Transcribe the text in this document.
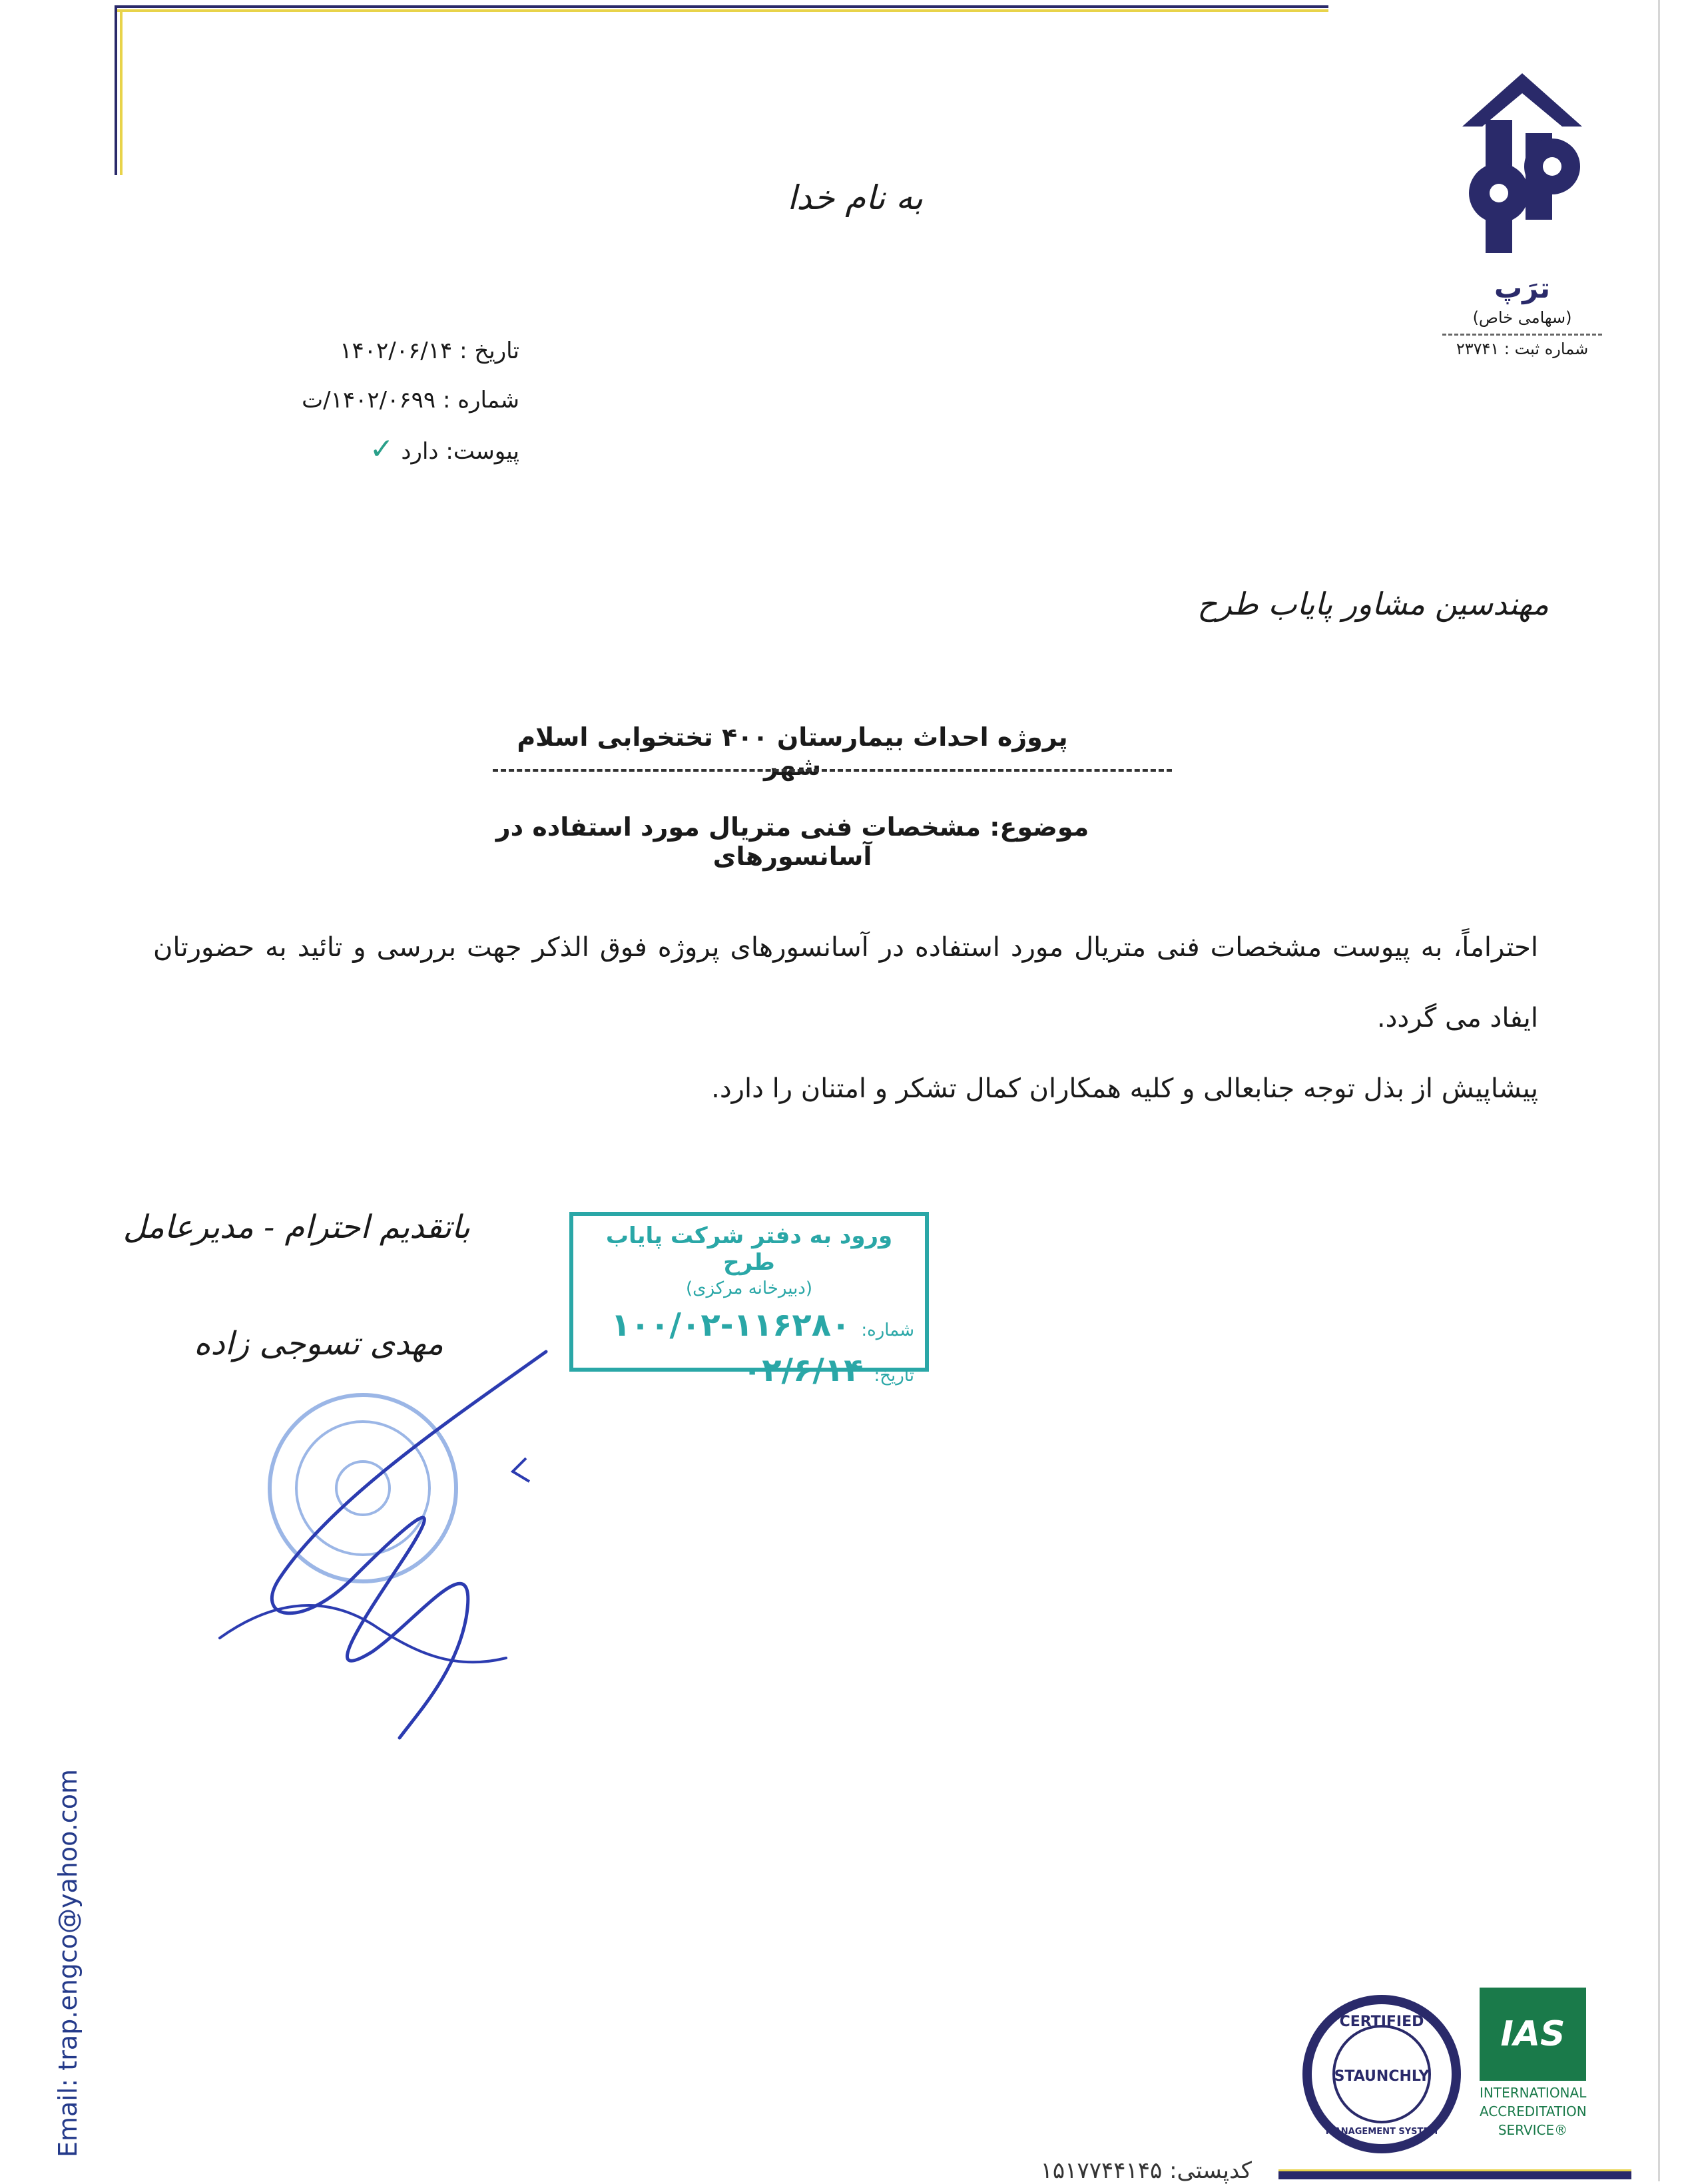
ترَپ
(سهامی خاص)
شماره ثبت : ۲۳۷۴۱
به نام خدا
تاریخ : ۱۴۰۲/۰۶/۱۴
شماره : ۱۴۰۲/۰۶۹۹/ت
پیوست: دارد ✓
مهندسین مشاور پایاب طرح
پروژه احداث بیمارستان ۴۰۰ تختخوابی اسلام شهر
موضوع: مشخصات فنی متریال مورد استفاده در آسانسورهای

احتراماً، به پیوست مشخصات فنی متریال مورد استفاده در آسانسورهای پروژه فوق الذکر جهت بررسی و تائید به حضورتان ایفاد می گردد.

پیشاپیش از بذل توجه جنابعالی و کلیه همکاران کمال تشکر و امتنان را دارد.

باتقدیم احترام - مدیرعامل
مهدی تسوجی زاده
ورود به دفتر شرکت پایاب طرح
(دبیرخانه مرکزی)
شماره:
۱۰۰/۰۲-۱۱۶۲۸۰
تاریخ:
۰۲/۶/۱۴
Email: trap.engco@yahoo.com	CERTIFIED
STAUNCHLY
MANAGEMENT SYSTEM
IAS
INTERNATIONAL
ACCREDITATION
SERVICE®
کدپستی: ۱۵۱۷۷۴۴۱۴۵
